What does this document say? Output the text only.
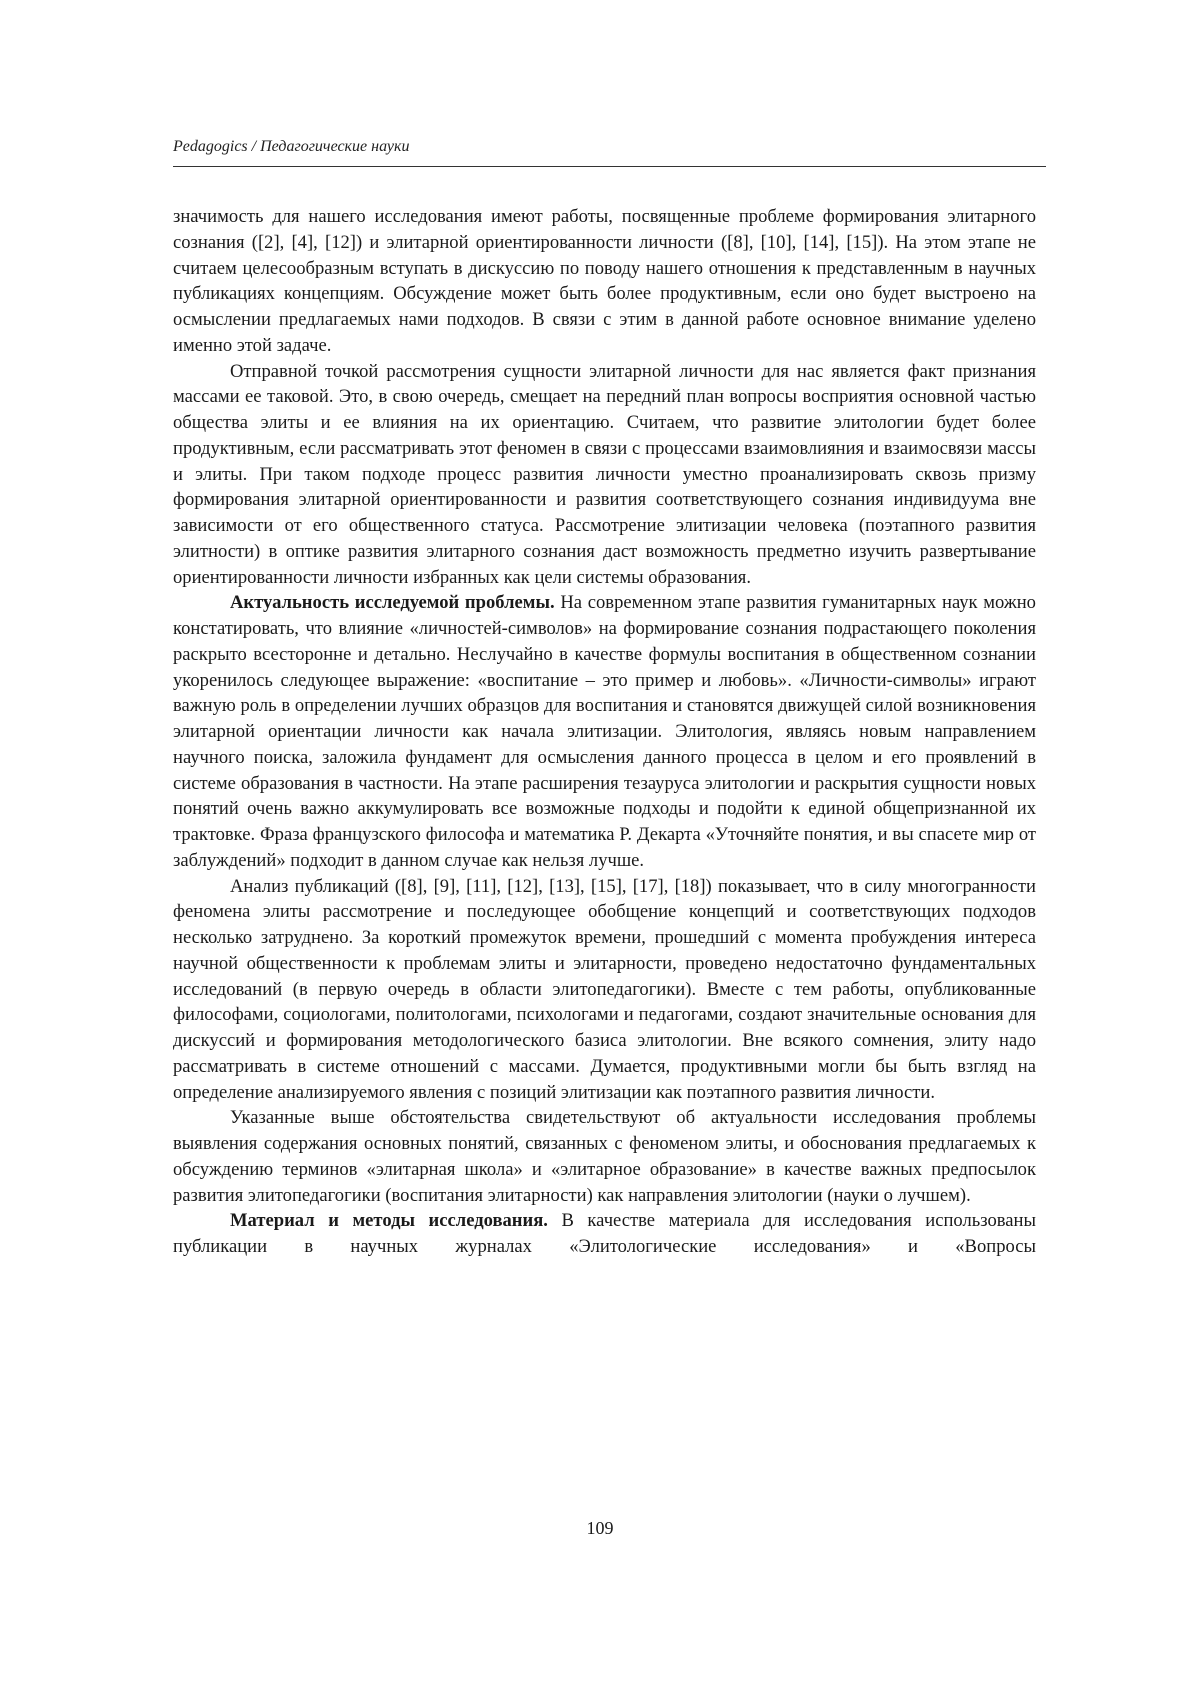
Pedagogics / Педагогические науки

значимость для нашего исследования имеют работы, посвященные проблеме формирования элитарного сознания ([2], [4], [12]) и элитарной ориентированности личности ([8], [10], [14], [15]). На этом этапе не считаем целесообразным вступать в дискуссию по поводу нашего отношения к представленным в научных публикациях концепциям. Обсуждение может быть более продуктивным, если оно будет выстроено на осмыслении предлагаемых нами подходов. В связи с этим в данной работе основное внимание уделено именно этой задаче.

Отправной точкой рассмотрения сущности элитарной личности для нас является факт признания массами ее таковой. Это, в свою очередь, смещает на передний план вопросы восприятия основной частью общества элиты и ее влияния на их ориентацию. Считаем, что развитие элитологии будет более продуктивным, если рассматривать этот феномен в связи с процессами взаимовлияния и взаимосвязи массы и элиты. При таком подходе процесс развития личности уместно проанализировать сквозь призму формирования элитарной ориентированности и развития соответствующего сознания индивидуума вне зависимости от его общественного статуса. Рассмотрение элитизации человека (поэтапного развития элитности) в оптике развития элитарного сознания даст возможность предметно изучить развертывание ориентированности личности избранных как цели системы образования.

Актуальность исследуемой проблемы. На современном этапе развития гуманитарных наук можно констатировать, что влияние «личностей-символов» на формирование сознания подрастающего поколения раскрыто всесторонне и детально. Неслучайно в качестве формулы воспитания в общественном сознании укоренилось следующее выражение: «воспитание – это пример и любовь». «Личности-символы» играют важную роль в определении лучших образцов для воспитания и становятся движущей силой возникновения элитарной ориентации личности как начала элитизации. Элитология, являясь новым направлением научного поиска, заложила фундамент для осмысления данного процесса в целом и его проявлений в системе образования в частности. На этапе расширения тезауруса элитологии и раскрытия сущности новых понятий очень важно аккумулировать все возможные подходы и подойти к единой общепризнанной их трактовке. Фраза французского философа и математика Р. Декарта «Уточняйте понятия, и вы спасете мир от заблуждений» подходит в данном случае как нельзя лучше.

Анализ публикаций ([8], [9], [11], [12], [13], [15], [17], [18]) показывает, что в силу многогранности феномена элиты рассмотрение и последующее обобщение концепций и соответствующих подходов несколько затруднено. За короткий промежуток времени, прошедший с момента пробуждения интереса научной общественности к проблемам элиты и элитарности, проведено недостаточно фундаментальных исследований (в первую очередь в области элитопедагогики). Вместе с тем работы, опубликованные философами, социологами, политологами, психологами и педагогами, создают значительные основания для дискуссий и формирования методологического базиса элитологии. Вне всякого сомнения, элиту надо рассматривать в системе отношений с массами. Думается, продуктивными могли бы быть взгляд на определение анализируемого явления с позиций элитизации как поэтапного развития личности.

Указанные выше обстоятельства свидетельствуют об актуальности исследования проблемы выявления содержания основных понятий, связанных с феноменом элиты, и обоснования предлагаемых к обсуждению терминов «элитарная школа» и «элитарное образование» в качестве важных предпосылок развития элитопедагогики (воспитания элитарности) как направления элитологии (науки о лучшем).

Материал и методы исследования. В качестве материала для исследования использованы публикации в научных журналах «Элитологические исследования» и «Вопросы

109
